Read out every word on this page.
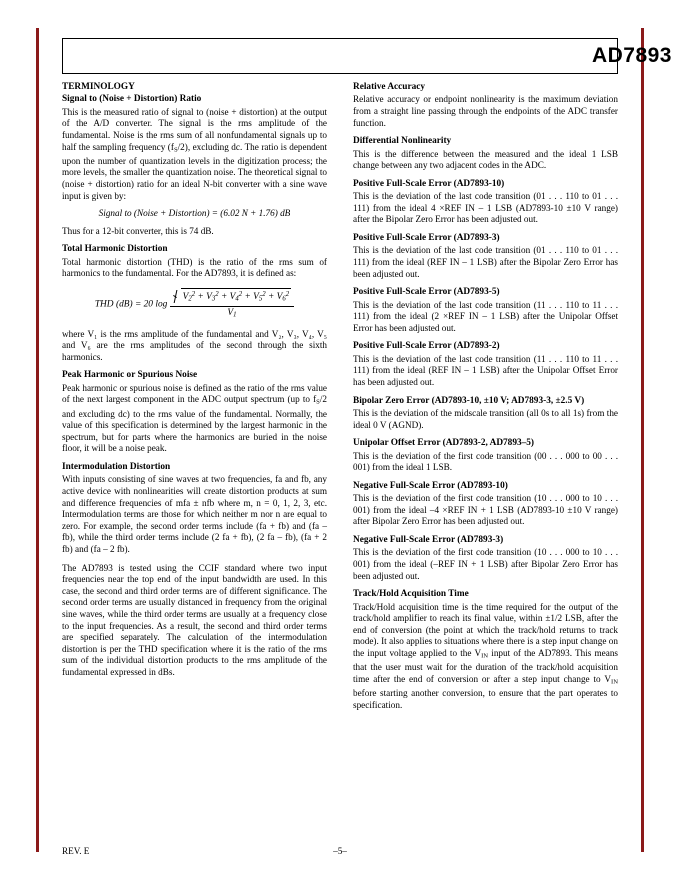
AD7893
TERMINOLOGY
Signal to (Noise + Distortion) Ratio

This is the measured ratio of signal to (noise + distortion) at the output of the A/D converter. The signal is the rms amplitude of the fundamental. Noise is the rms sum of all nonfundamental signals up to half the sampling frequency $(f_S/2)$, excluding dc. The ratio is dependent upon the number of quantization levels in the digitization process; the more levels, the smaller the quantization noise. The theoretical signal to (noise + distortion) ratio for an ideal N-bit converter with a sine wave input is given by:

Signal to (Noise + Distortion) = (6.02 N + 1.76) dB

Thus for a 12-bit converter, this is 74 dB.

Total Harmonic Distortion

Total harmonic distortion (THD) is the ratio of the rms sum of harmonics to the fundamental. For the AD7893, it is defined as:

THD (dB) = 20 $\log \frac{V_2^2 + V_3^2 + V_4^2 + V_5^2 + V_6^2}{V_1}$

where V₁ is the rms amplitude of the fundamental and V₂, V₃, V₄, V₅ and V₆ are the rms amplitudes of the second through the sixth harmonics.

Peak Harmonic or Spurious Noise

Peak harmonic or spurious noise is defined as the ratio of the rms value of the next largest component in the ADC output spectrum (up to $f_S/2$ and excluding dc) to the rms value of the fundamental. Normally, the value of this specification is determined by the largest harmonic in the spectrum, but for parts where the harmonics are buried in the noise floor, it will be a noise peak.

Intermodulation Distortion

With inputs consisting of sine waves at two frequencies, fa and fb, any active device with nonlinearities will create distortion products at sum and difference frequencies of mfa ± nfb where m, n = 0, 1, 2, 3, etc. Intermodulation terms are those for which neither m nor n are equal to zero. For example, the second order terms include (fa + fb) and (fa – fb), while the third order terms include (2 fa + fb), (2 fa – fb), (fa + 2 fb) and (fa – 2 fb).

The AD7893 is tested using the CCIF standard where two input frequencies near the top end of the input bandwidth are used. In this case, the second and third order terms are of different significance. The second order terms are usually distanced in frequency from the original sine waves, while the third order terms are usually at a frequency close to the input frequencies. As a result, the second and third order terms are specified separately. The calculation of the intermodulation distortion is per the THD specification where it is the ratio of the rms sum of the individual distortion products to the rms amplitude of the fundamental expressed in dBs.

Relative Accuracy

Relative accuracy or endpoint nonlinearity is the maximum deviation from a straight line passing through the endpoints of the ADC transfer function.

Differential Nonlinearity

This is the difference between the measured and the ideal 1 LSB change between any two adjacent codes in the ADC.

Positive Full-Scale Error (AD7893-10)

This is the deviation of the last code transition (01 . . . 110 to 01 . . . 111) from the ideal 4 ×REF IN – 1 LSB (AD7893-10 ±10 V range) after the Bipolar Zero Error has been adjusted out.

Positive Full-Scale Error (AD7893-3)

This is the deviation of the last code transition (01 . . . 110 to 01 . . . 111) from the ideal (REF IN – 1 LSB) after the Bipolar Zero Error has been adjusted out.

Positive Full-Scale Error (AD7893-5)

This is the deviation of the last code transition (11 . . . 110 to 11 . . . 111) from the ideal (2 ×REF IN – 1 LSB) after the Unipolar Offset Error has been adjusted out.

Positive Full-Scale Error (AD7893-2)

This is the deviation of the last code transition (11 . . . 110 to 11 . . . 111) from the ideal (REF IN – 1 LSB) after the Unipolar Offset Error has been adjusted out.

Bipolar Zero Error (AD7893-10, ±10 V; AD7893-3, ±2.5 V)

This is the deviation of the midscale transition (all 0s to all 1s) from the ideal 0 V (AGND).

Unipolar Offset Error (AD7893-2, AD7893–5)

This is the deviation of the first code transition (00 . . . 000 to 00 . . . 001) from the ideal 1 LSB.

Negative Full-Scale Error (AD7893-10)

This is the deviation of the first code transition (10 . . . 000 to 10 . . . 001) from the ideal –4 ×REF IN + 1 LSB (AD7893-10 ±10 V range) after Bipolar Zero Error has been adjusted out.

Negative Full-Scale Error (AD7893-3)

This is the deviation of the first code transition (10 . . . 000 to 10 . . . 001) from the ideal (–REF IN + 1 LSB) after Bipolar Zero Error has been adjusted out.

Track/Hold Acquisition Time

Track/Hold acquisition time is the time required for the output of the track/hold amplifier to reach its final value, within ±1/2 LSB, after the end of conversion (the point at which the track/hold returns to track mode). It also applies to situations where there is a step input change on the input voltage applied to the $V_{IN}$ input of the AD7893. This means that the user must wait for the duration of the track/hold acquisition time after the end of conversion or after a step input change to $V_{IN}$ before starting another conversion, to ensure that the part operates to specification.

REV. E	–5–
